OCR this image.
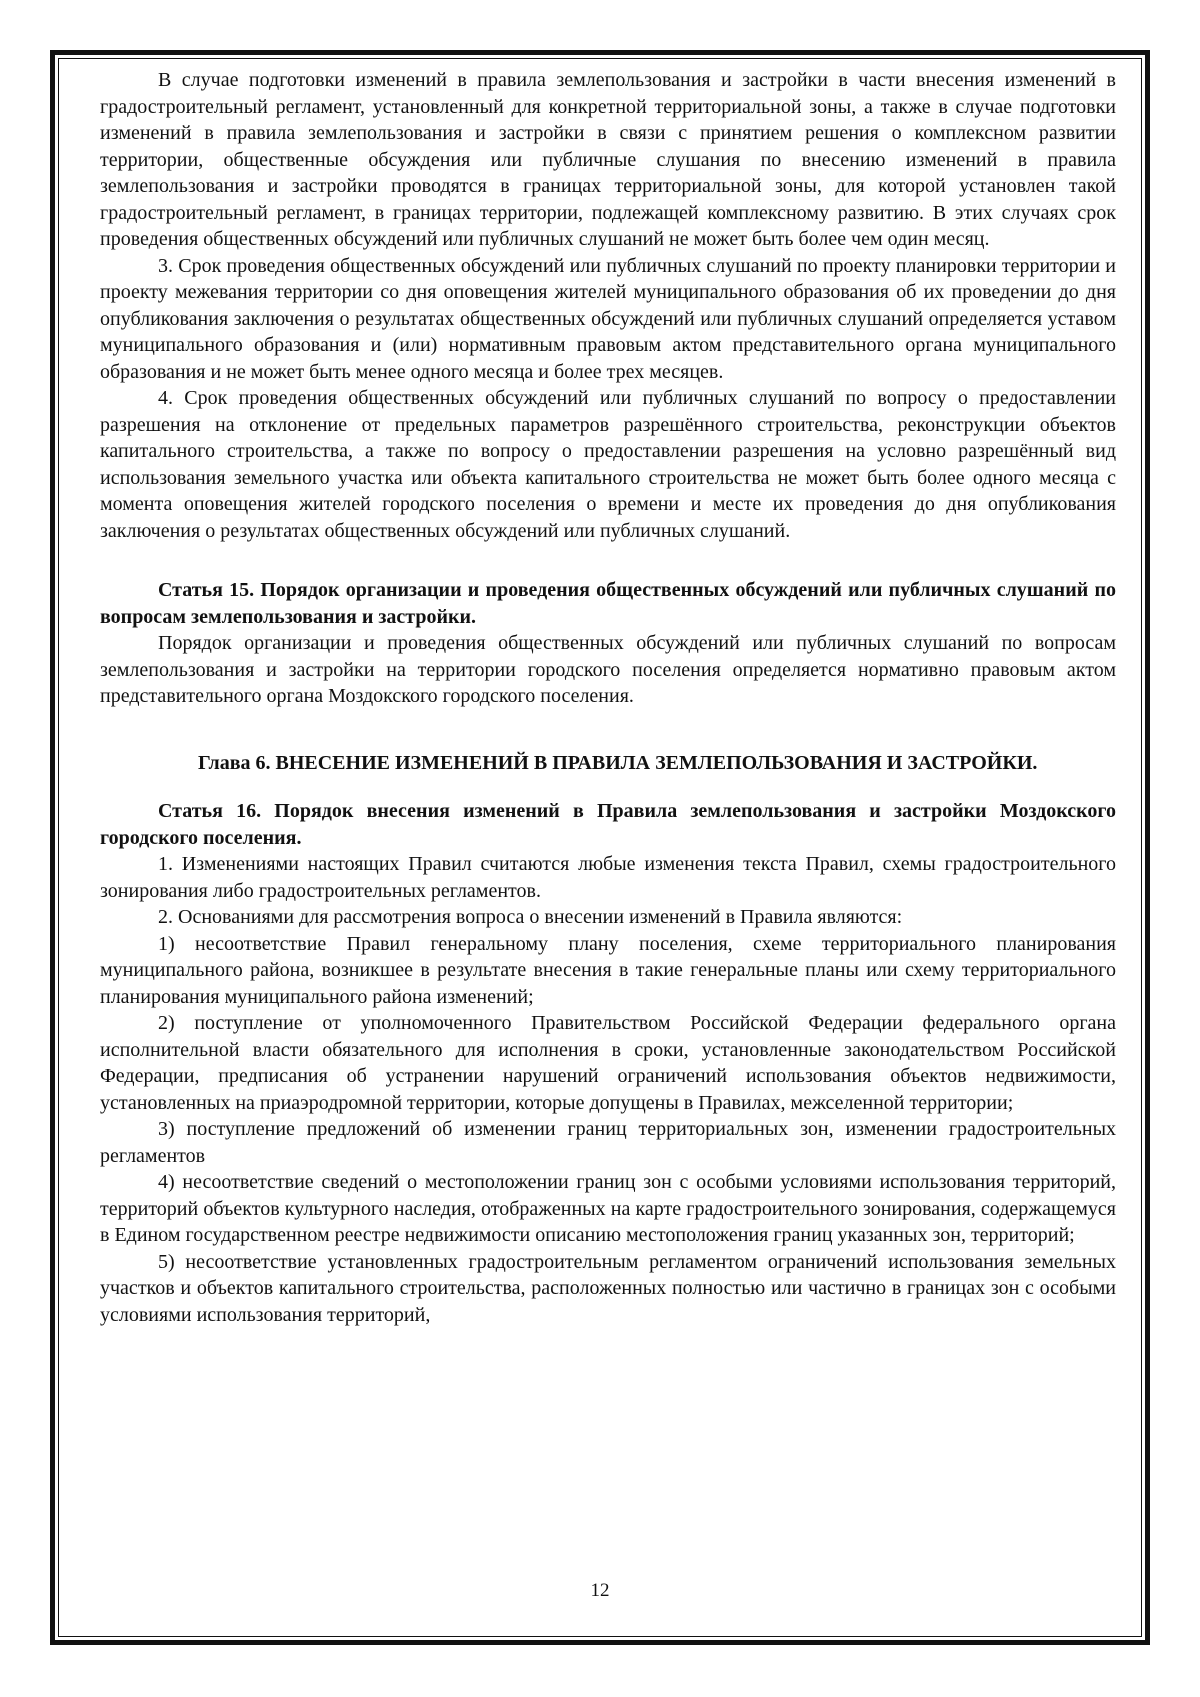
В случае подготовки изменений в правила землепользования и застройки в части внесения изменений в градостроительный регламент, установленный для конкретной территориальной зоны, а также в случае подготовки изменений в правила землепользования и застройки в связи с принятием решения о комплексном развитии территории, общественные обсуждения или публичные слушания по внесению изменений в правила землепользования и застройки проводятся в границах территориальной зоны, для которой установлен такой градостроительный регламент, в границах территории, подлежащей комплексному развитию. В этих случаях срок проведения общественных обсуждений или публичных слушаний не может быть более чем один месяц.

3. Срок проведения общественных обсуждений или публичных слушаний по проекту планировки территории и проекту межевания территории со дня оповещения жителей муниципального образования об их проведении до дня опубликования заключения о результатах общественных обсуждений или публичных слушаний определяется уставом муниципального образования и (или) нормативным правовым актом представительного органа муниципального образования и не может быть менее одного месяца и более трех месяцев.

4. Срок проведения общественных обсуждений или публичных слушаний по вопросу о предоставлении разрешения на отклонение от предельных параметров разрешённого строительства, реконструкции объектов капитального строительства, а также по вопросу о предоставлении разрешения на условно разрешённый вид использования земельного участка или объекта капитального строительства не может быть более одного месяца с момента оповещения жителей городского поселения о времени и месте их проведения до дня опубликования заключения о результатах общественных обсуждений или публичных слушаний.

Статья 15. Порядок организации и проведения общественных обсуждений или публичных слушаний по вопросам землепользования и застройки.

Порядок организации и проведения общественных обсуждений или публичных слушаний по вопросам землепользования и застройки на территории городского поселения определяется нормативно правовым актом представительного органа Моздокского городского поселения.

Глава 6. ВНЕСЕНИЕ ИЗМЕНЕНИЙ В ПРАВИЛА ЗЕМЛЕПОЛЬЗОВАНИЯ И ЗАСТРОЙКИ.

Статья 16. Порядок внесения изменений в Правила землепользования и застройки Моздокского городского поселения.

1. Изменениями настоящих Правил считаются любые изменения текста Правил, схемы градостроительного зонирования либо градостроительных регламентов.

2. Основаниями для рассмотрения вопроса о внесении изменений в Правила являются:

1) несоответствие Правил генеральному плану поселения, схеме территориального планирования муниципального района, возникшее в результате внесения в такие генеральные планы или схему территориального планирования муниципального района изменений;

2) поступление от уполномоченного Правительством Российской Федерации федерального органа исполнительной власти обязательного для исполнения в сроки, установленные законодательством Российской Федерации, предписания об устранении нарушений ограничений использования объектов недвижимости, установленных на приаэродромной территории, которые допущены в Правилах, межселенной территории;

3) поступление предложений об изменении границ территориальных зон, изменении градостроительных регламентов

4) несоответствие сведений о местоположении границ зон с особыми условиями использования территорий, территорий объектов культурного наследия, отображенных на карте градостроительного зонирования, содержащемуся в Едином государственном реестре недвижимости описанию местоположения границ указанных зон, территорий;

5) несоответствие установленных градостроительным регламентом ограничений использования земельных участков и объектов капитального строительства, расположенных полностью или частично в границах зон с особыми условиями использования территорий,

12
